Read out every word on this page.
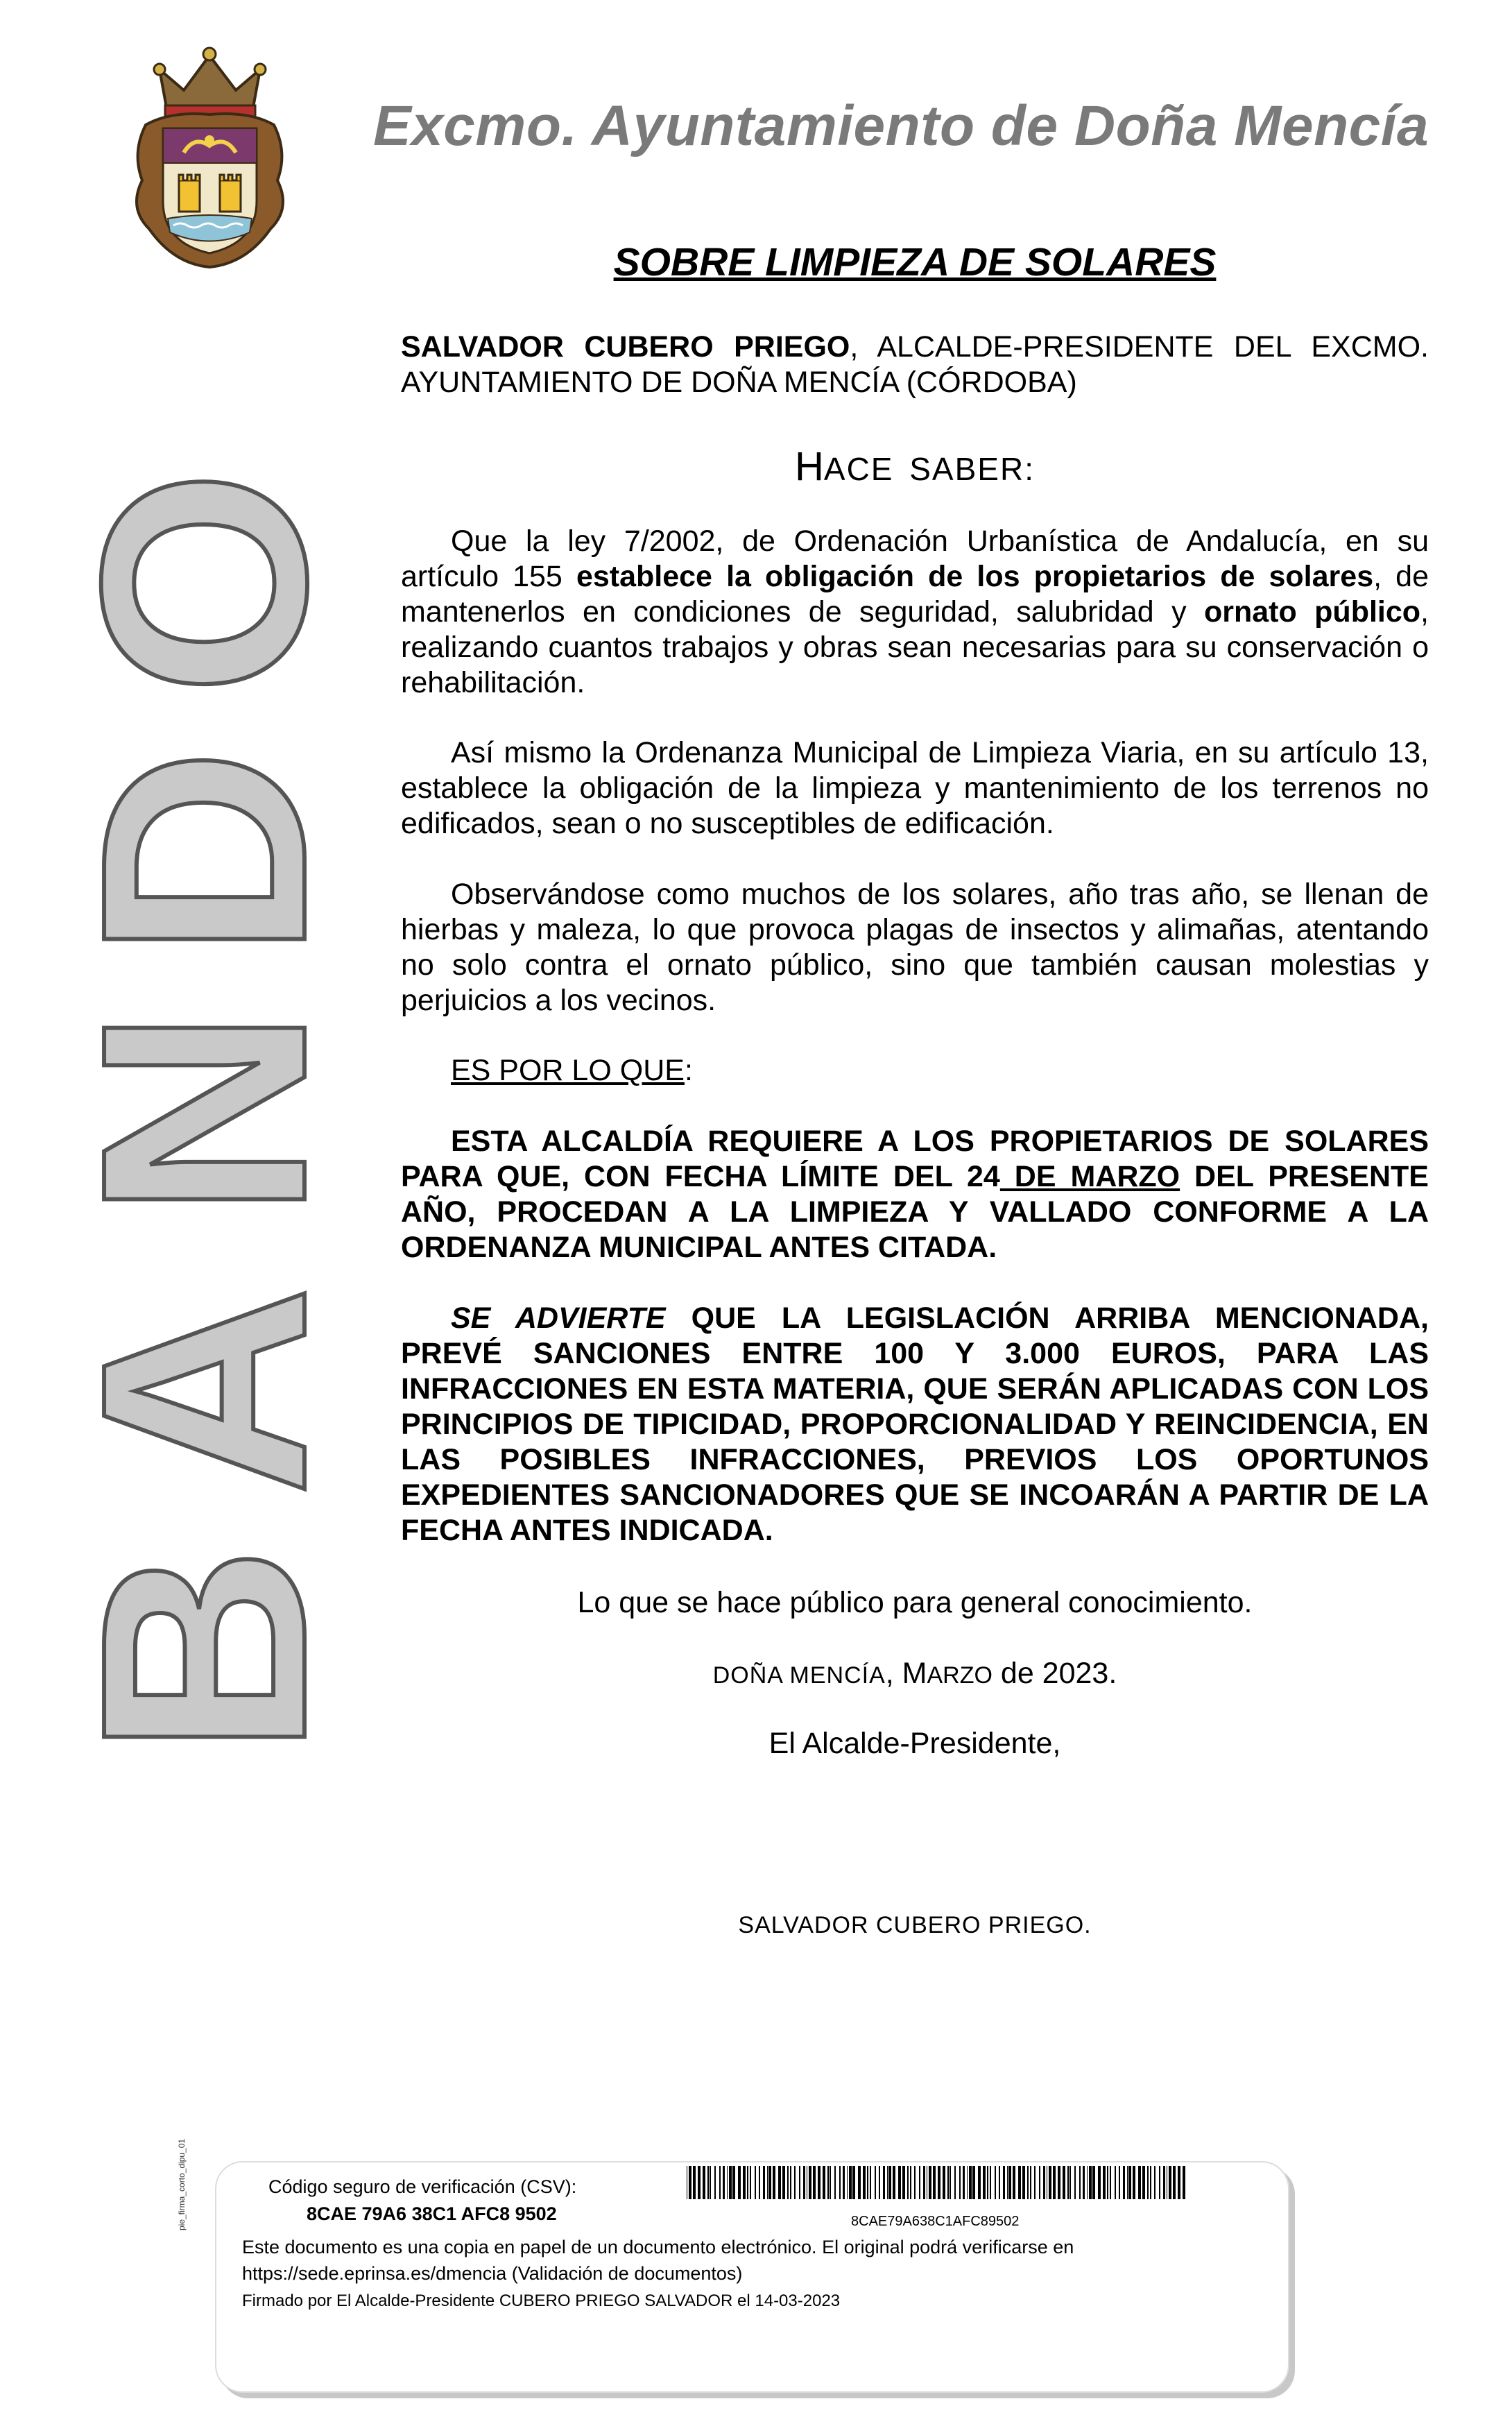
Excmo. Ayuntamiento de Doña Mencía
O
D
N
A
B
SOBRE LIMPIEZA DE SOLARES

SALVADOR CUBERO PRIEGO, ALCALDE-PRESIDENTE DEL EXCMO. AYUNTAMIENTO DE DOÑA MENCÍA (CÓRDOBA)

HACE SABER:

Que la ley 7/2002, de Ordenación Urbanística de Andalucía, en su artículo 155 establece la obligación de los propietarios de solares, de mantenerlos en condiciones de seguridad, salubridad y ornato público, realizando cuantos trabajos y obras sean necesarias para su conservación o rehabilitación.

Así mismo la Ordenanza Municipal de Limpieza Viaria, en su artículo 13, establece la obligación de la limpieza y mantenimiento de los terrenos no edificados, sean o no susceptibles de edificación.

Observándose como muchos de los solares, año tras año, se llenan de hierbas y maleza, lo que provoca plagas de insectos y alimañas, atentando no solo contra el ornato público, sino que también causan molestias y perjuicios a los vecinos.

ES POR LO QUE:

ESTA ALCALDÍA REQUIERE A LOS PROPIETARIOS DE SOLARES PARA QUE, CON FECHA LÍMITE DEL 24 DE MARZO DEL PRESENTE AÑO, PROCEDAN A LA LIMPIEZA Y VALLADO CONFORME A LA ORDENANZA MUNICIPAL ANTES CITADA.

SE ADVIERTE QUE LA LEGISLACIÓN ARRIBA MENCIONADA, PREVÉ SANCIONES ENTRE 100 Y 3.000 EUROS, PARA LAS INFRACCIONES EN ESTA MATERIA, QUE SERÁN APLICADAS CON LOS PRINCIPIOS DE TIPICIDAD, PROPORCIONALIDAD Y REINCIDENCIA, EN LAS POSIBLES INFRACCIONES, PREVIOS LOS OPORTUNOS EXPEDIENTES SANCIONADORES QUE SE INCOARÁN A PARTIR DE LA FECHA ANTES INDICADA.

Lo que se hace público para general conocimiento.

DOÑA MENCÍA, MARZO de 2023.

El Alcalde-Presidente,

SALVADOR CUBERO PRIEGO.

pie_firma_corto_dipu_01	Código seguro de verificación (CSV):
8CAE 79A6 38C1 AFC8 9502
Este documento es una copia en papel de un documento electrónico. El original podrá verificarse en
https://sede.eprinsa.es/dmencia (Validación de documentos)
Firmado por El Alcalde-Presidente CUBERO PRIEGO SALVADOR el 14-03-2023
8CAE79A638C1AFC89502
